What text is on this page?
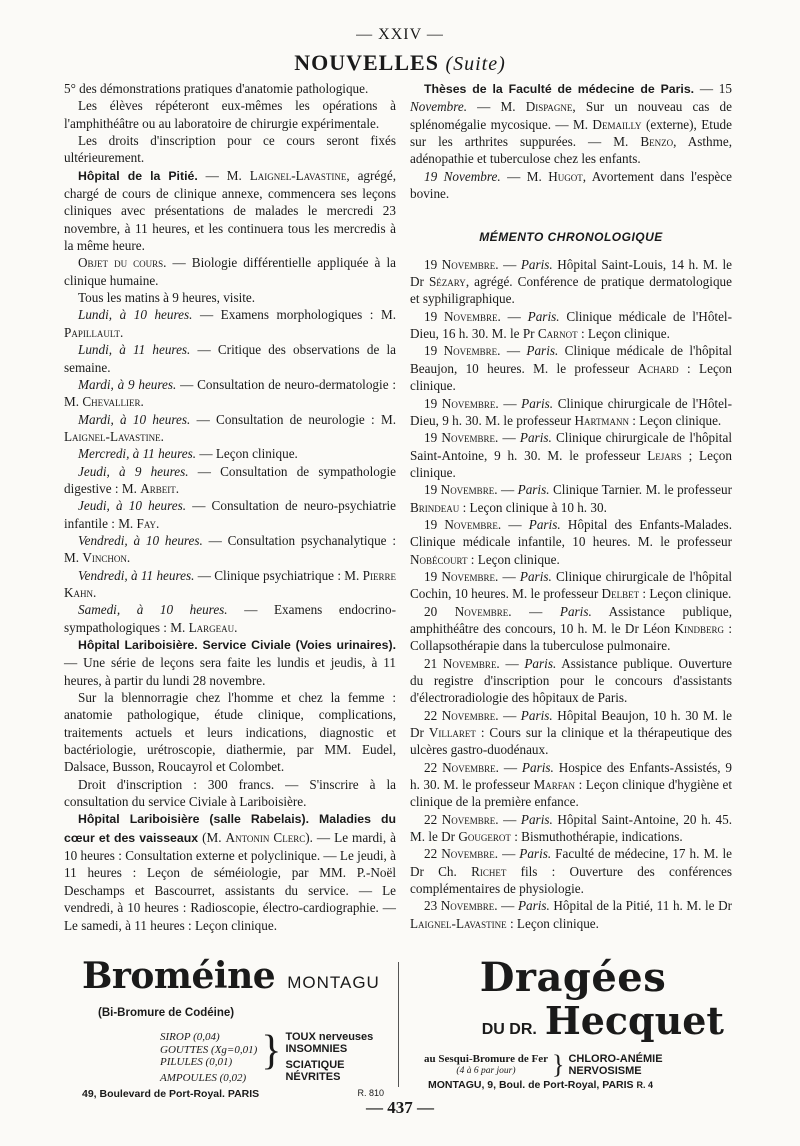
— XXIV —
NOUVELLES (Suite)

5° des démonstrations pratiques d'anatomie pathologique.

Les élèves répéteront eux-mêmes les opérations à l'amphithéâtre ou au laboratoire de chirurgie expérimentale.

Les droits d'inscription pour ce cours seront fixés ultérieurement.

Hôpital de la Pitié. — M. Laignel-Lavastine, agrégé, chargé de cours de clinique annexe, commencera ses leçons cliniques avec présentations de malades le mercredi 23 novembre, à 11 heures, et les continuera tous les mercredis à la même heure.

Objet du cours. — Biologie différentielle appliquée à la clinique humaine.

Tous les matins à 9 heures, visite.

Lundi, à 10 heures. — Examens morphologiques : M. Papillault.

Lundi, à 11 heures. — Critique des observations de la semaine.

Mardi, à 9 heures. — Consultation de neuro-dermatologie : M. Chevallier.

Mardi, à 10 heures. — Consultation de neurologie : M. Laignel-Lavastine.

Mercredi, à 11 heures. — Leçon clinique.

Jeudi, à 9 heures. — Consultation de sympathologie digestive : M. Arbeit.

Jeudi, à 10 heures. — Consultation de neuro-psychiatrie infantile : M. Fay.

Vendredi, à 10 heures. — Consultation psychanalytique : M. Vinchon.

Vendredi, à 11 heures. — Clinique psychiatrique : M. Pierre Kahn.

Samedi, à 10 heures. — Examens endocrino-sympathologiques : M. Largeau.

Hôpital Lariboisière. Service Civiale (Voies urinaires). — Une série de leçons sera faite les lundis et jeudis, à 11 heures, à partir du lundi 28 novembre.

Sur la blennorragie chez l'homme et chez la femme : anatomie pathologique, étude clinique, complications, traitements actuels et leurs indications, diagnostic et bactériologie, urétroscopie, diathermie, par MM. Eudel, Dalsace, Busson, Roucayrol et Colombet.

Droit d'inscription : 300 francs. — S'inscrire à la consultation du service Civiale à Lariboisière.

Hôpital Lariboisière (salle Rabelais). Maladies du cœur et des vaisseaux (M. Antonin Clerc). — Le mardi, à 10 heures : Consultation externe et polyclinique. — Le jeudi, à 11 heures : Leçon de séméiologie, par MM. P.-Noël Deschamps et Bascourret, assistants du service. — Le vendredi, à 10 heures : Radioscopie, électro-cardiographie. — Le samedi, à 11 heures : Leçon clinique.

Thèses de la Faculté de médecine de Paris. — 15 Novembre. — M. Dispagne, Sur un nouveau cas de splénomégalie mycosique. — M. Demailly (externe), Etude sur les arthrites suppurées. — M. Benzo, Asthme, adénopathie et tuberculose chez les enfants.

19 Novembre. — M. Hugot, Avortement dans l'espèce bovine.

MÉMENTO CHRONOLOGIQUE

19 Novembre. — Paris. Hôpital Saint-Louis, 14 h. M. le Dr Sézary, agrégé. Conférence de pratique dermatologique et syphiligraphique.

19 Novembre. — Paris. Clinique médicale de l'Hôtel-Dieu, 16 h. 30. M. le Pr Carnot : Leçon clinique.

19 Novembre. — Paris. Clinique médicale de l'hôpital Beaujon, 10 heures. M. le professeur Achard : Leçon clinique.

19 Novembre. — Paris. Clinique chirurgicale de l'Hôtel-Dieu, 9 h. 30. M. le professeur Hartmann : Leçon clinique.

19 Novembre. — Paris. Clinique chirurgicale de l'hôpital Saint-Antoine, 9 h. 30. M. le professeur Lejars ; Leçon clinique.

19 Novembre. — Paris. Clinique Tarnier. M. le professeur Brindeau : Leçon clinique à 10 h. 30.

19 Novembre. — Paris. Hôpital des Enfants-Malades. Clinique médicale infantile, 10 heures. M. le professeur Nobécourt : Leçon clinique.

19 Novembre. — Paris. Clinique chirurgicale de l'hôpital Cochin, 10 heures. M. le professeur Delbet : Leçon clinique.

20 Novembre. — Paris. Assistance publique, amphithéâtre des concours, 10 h. M. le Dr Léon Kindberg : Collapsothérapie dans la tuberculose pulmonaire.

21 Novembre. — Paris. Assistance publique. Ouverture du registre d'inscription pour le concours d'assistants d'électroradiologie des hôpitaux de Paris.

22 Novembre. — Paris. Hôpital Beaujon, 10 h. 30 M. le Dr Villaret : Cours sur la clinique et la thérapeutique des ulcères gastro-duodénaux.

22 Novembre. — Paris. Hospice des Enfants-Assistés, 9 h. 30. M. le professeur Marfan : Leçon clinique d'hygiène et clinique de la première enfance.

22 Novembre. — Paris. Hôpital Saint-Antoine, 20 h. 45. M. le Dr Gougerot : Bismuthothérapie, indications.

22 Novembre. — Paris. Faculté de médecine, 17 h. M. le Dr Ch. Richet fils : Ouverture des conférences complémentaires de physiologie.

23 Novembre. — Paris. Hôpital de la Pitié, 11 h. M. le Dr Laignel-Lavastine : Leçon clinique.

Broméine MONTAGU
(Bi-Bromure de Codéine)
SIROP (0,04)
GOUTTES (Xg=0,01)
PILULES (0,01)
AMPOULES (0,02)
} TOUX nerveuses
INSOMNIES
SCIATIQUE
NÉVRITES
49, Boulevard de Port-Royal. PARIS	R. 810
Dragées
DU DR. Hecquet
au Sesqui-Bromure de Fer
(4 à 6 par jour)	} CHLORO-ANÉMIE
NERVOSISME
MONTAGU, 9, Boul. de Port-Royal, PARIS R. 4
— 437 —
